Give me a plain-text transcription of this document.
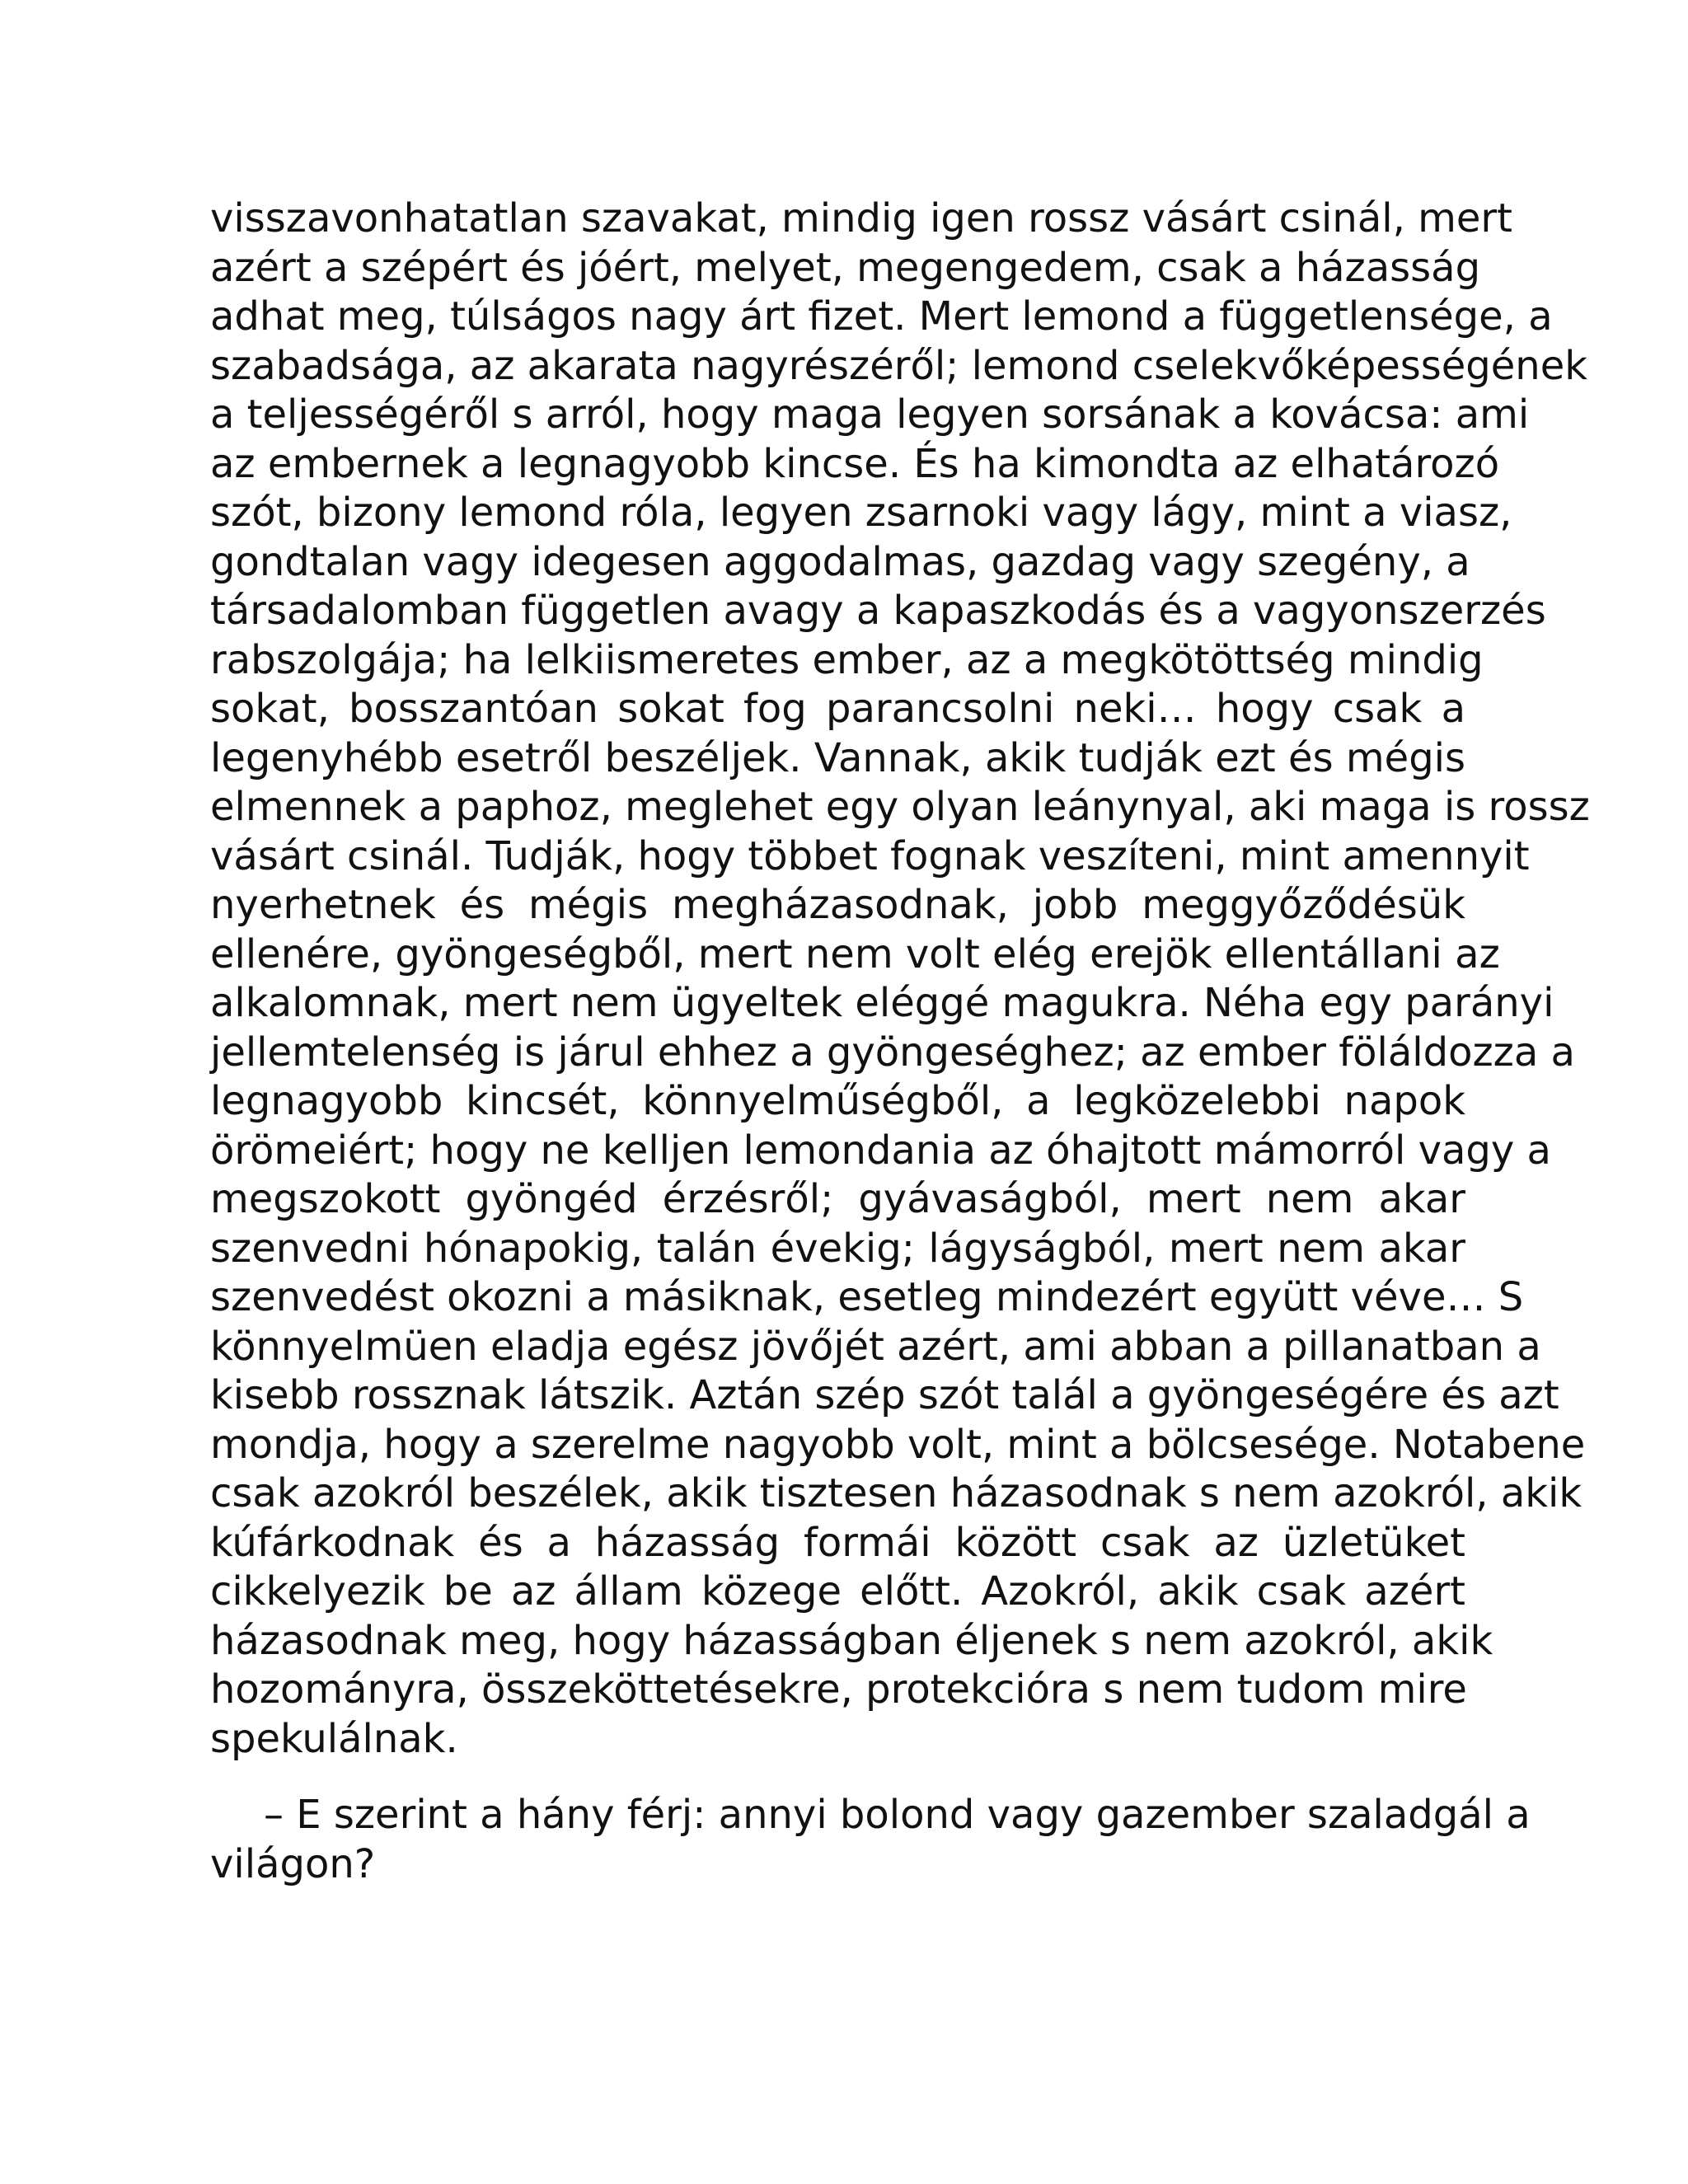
visszavonhatatlan szavakat, mindig igen rossz vásárt csinál, mert
azért a szépért és jóért, melyet, megengedem, csak a házasság
adhat meg, túlságos nagy árt fizet. Mert lemond a függetlensége, a
szabadsága, az akarata nagyrészéről; lemond cselekvőképességének
a teljességéről s arról, hogy maga legyen sorsának a kovácsa: ami
az embernek a legnagyobb kincse. És ha kimondta az elhatározó
szót, bizony lemond róla, legyen zsarnoki vagy lágy, mint a viasz,
gondtalan vagy idegesen aggodalmas, gazdag vagy szegény, a
társadalomban független avagy a kapaszkodás és a vagyonszerzés
rabszolgája; ha lelkiismeretes ember, az a megkötöttség mindig
sokat, bosszantóan sokat fog parancsolni neki… hogy csak a
legenyhébb esetről beszéljek. Vannak, akik tudják ezt és mégis
elmennek a paphoz, meglehet egy olyan leánynyal, aki maga is rossz
vásárt csinál. Tudják, hogy többet fognak veszíteni, mint amennyit
nyerhetnek és mégis megházasodnak, jobb meggyőződésük
ellenére, gyöngeségből, mert nem volt elég erejök ellentállani az
alkalomnak, mert nem ügyeltek eléggé magukra. Néha egy parányi
jellemtelenség is járul ehhez a gyöngeséghez; az ember föláldozza a
legnagyobb kincsét, könnyelműségből, a legközelebbi napok
örömeiért; hogy ne kelljen lemondania az óhajtott mámorról vagy a
megszokott gyöngéd érzésről; gyávaságból, mert nem akar
szenvedni hónapokig, talán évekig; lágyságból, mert nem akar
szenvedést okozni a másiknak, esetleg mindezért együtt véve… S
könnyelmüen eladja egész jövőjét azért, ami abban a pillanatban a
kisebb rossznak látszik. Aztán szép szót talál a gyöngeségére és azt
mondja, hogy a szerelme nagyobb volt, mint a bölcsesége. Notabene
csak azokról beszélek, akik tisztesen házasodnak s nem azokról, akik
kúfárkodnak és a házasság formái között csak az üzletüket
cikkelyezik be az állam közege előtt. Azokról, akik csak azért
házasodnak meg, hogy házasságban éljenek s nem azokról, akik
hozományra, összeköttetésekre, protekcióra s nem tudom mire
spekulálnak.
– E szerint a hány férj: annyi bolond vagy gazember szaladgál a
világon?
